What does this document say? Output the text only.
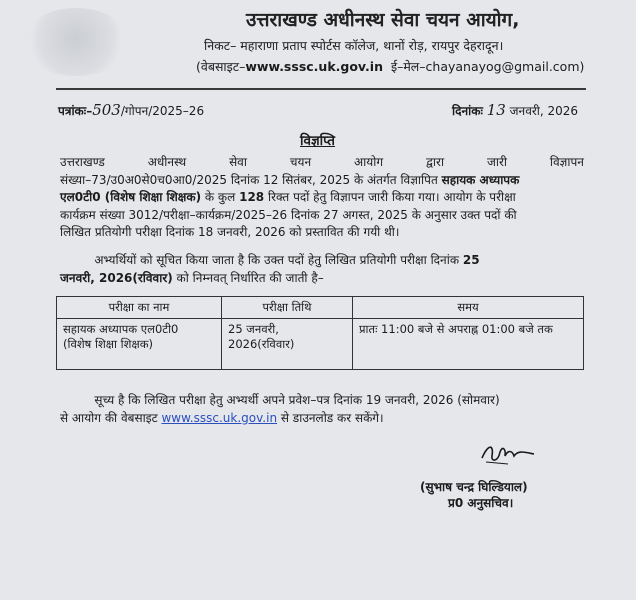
उत्तराखण्ड अधीनस्थ सेवा चयन आयोग,
निकट– महाराणा प्रताप स्पोर्टस कॉलेज, थानों रोड़, रायपुर देहरादून।
(वेबसाइट–www.sssc.uk.gov.in ई–मेल–chayanayog@gmail.com)
पत्रांकः–503/गोपन/2025–26	दिनांकः 13 जनवरी, 2026
विज्ञप्ति
उत्तराखण्ड	अधीनस्थ	सेवा	चयन	आयोग	द्वारा	जारी	विज्ञापन
संख्या–73/उ0अ0से0च0आ0/2025 दिनांक 12 सितंबर, 2025 के अंतर्गत विज्ञापित सहायक अध्यापक
एल0टी0 (विशेष शिक्षा शिक्षक) के कुल 128 रिक्त पदों हेतु विज्ञापन जारी किया गया। आयोग के परीक्षा
कार्यक्रम संख्या 3012/परीक्षा–कार्यक्रम/2025–26 दिनांक 27 अगस्त, 2025 के अनुसार उक्त पदों की
लिखित प्रतियोगी परीक्षा दिनांक 18 जनवरी, 2026 को प्रस्तावित की गयी थी।
अभ्यर्थियों को सूचित किया जाता है कि उक्त पदों हेतु लिखित प्रतियोगी परीक्षा दिनांक 25
जनवरी, 2026(रविवार) को निम्नवत् निर्धारित की जाती है–
परीक्षा का नाम	परीक्षा तिथि	समय

सहायक अध्यापक एल0टी0
(विशेष शिक्षा शिक्षक)	25 जनवरी, 2026(रविवार)	प्रातः 11:00 बजे से अपराह्न 01:00 बजे तक
सूच्य है कि लिखित परीक्षा हेतु अभ्यर्थी अपने प्रवेश–पत्र दिनांक 19 जनवरी, 2026 (सोमवार)
से आयोग की वेबसाइट www.sssc.uk.gov.in से डाउनलोड कर सकेंगे।
(सुभाष चन्द्र घिल्डियाल)
प्र0 अनुसचिव।
